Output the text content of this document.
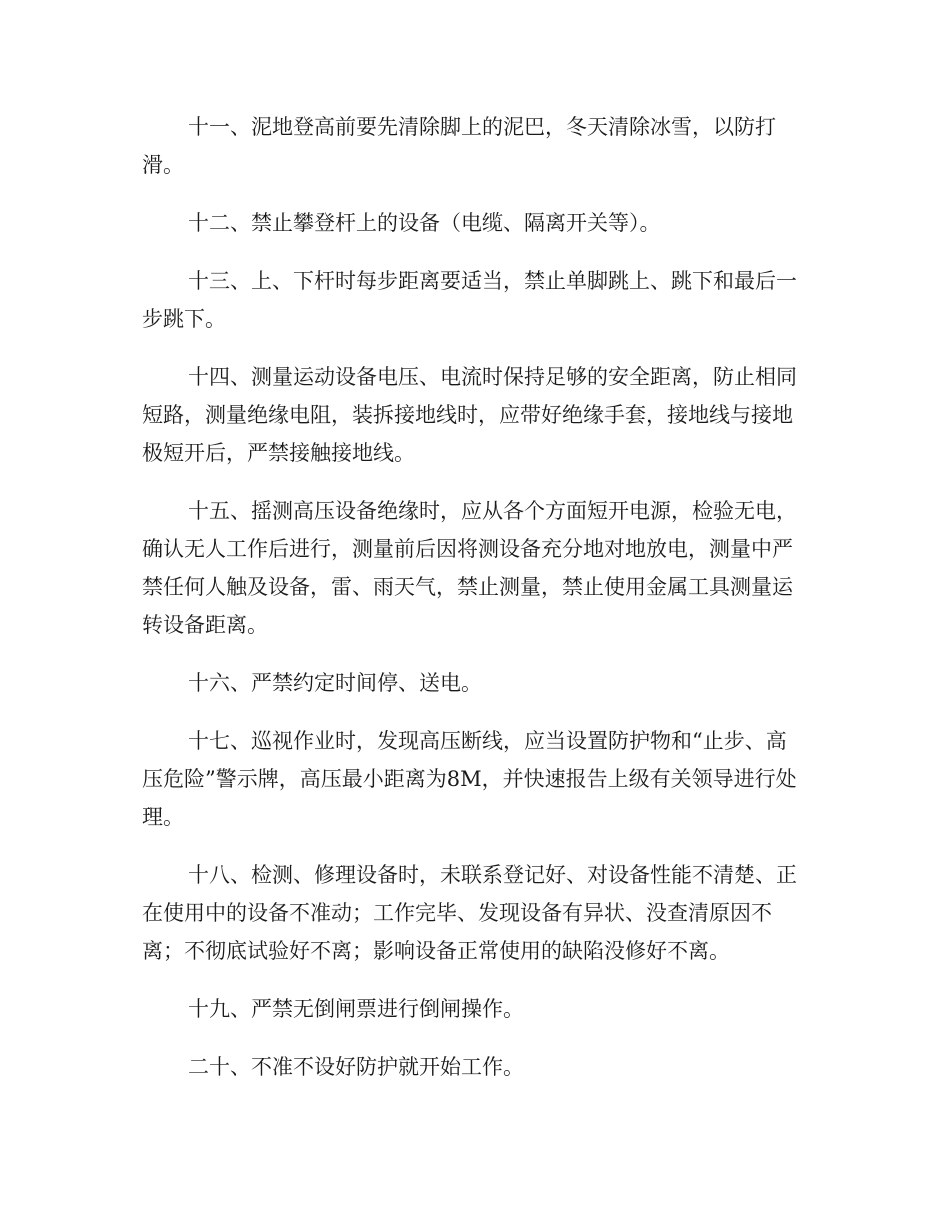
十一、泥地登高前要先清除脚上的泥巴，冬天清除冰雪，以防打滑。

十二、禁止攀登杆上的设备（电缆、隔离开关等）。

十三、上、下杆时每步距离要适当，禁止单脚跳上、跳下和最后一步跳下。

十四、测量运动设备电压、电流时保持足够的安全距离，防止相同短路，测量绝缘电阻，装拆接地线时，应带好绝缘手套，接地线与接地极短开后，严禁接触接地线。

十五、摇测高压设备绝缘时，应从各个方面短开电源，检验无电，确认无人工作后进行，测量前后因将测设备充分地对地放电，测量中严禁任何人触及设备，雷、雨天气，禁止测量，禁止使用金属工具测量运转设备距离。

十六、严禁约定时间停、送电。

十七、巡视作业时，发现高压断线，应当设置防护物和“止步、高压危险”警示牌，高压最小距离为8M，并快速报告上级有关领导进行处理。

十八、检测、修理设备时，未联系登记好、对设备性能不清楚、正在使用中的设备不准动；工作完毕、发现设备有异状、没查清原因不离；不彻底试验好不离；影响设备正常使用的缺陷没修好不离。

十九、严禁无倒闸票进行倒闸操作。

二十、不准不设好防护就开始工作。
